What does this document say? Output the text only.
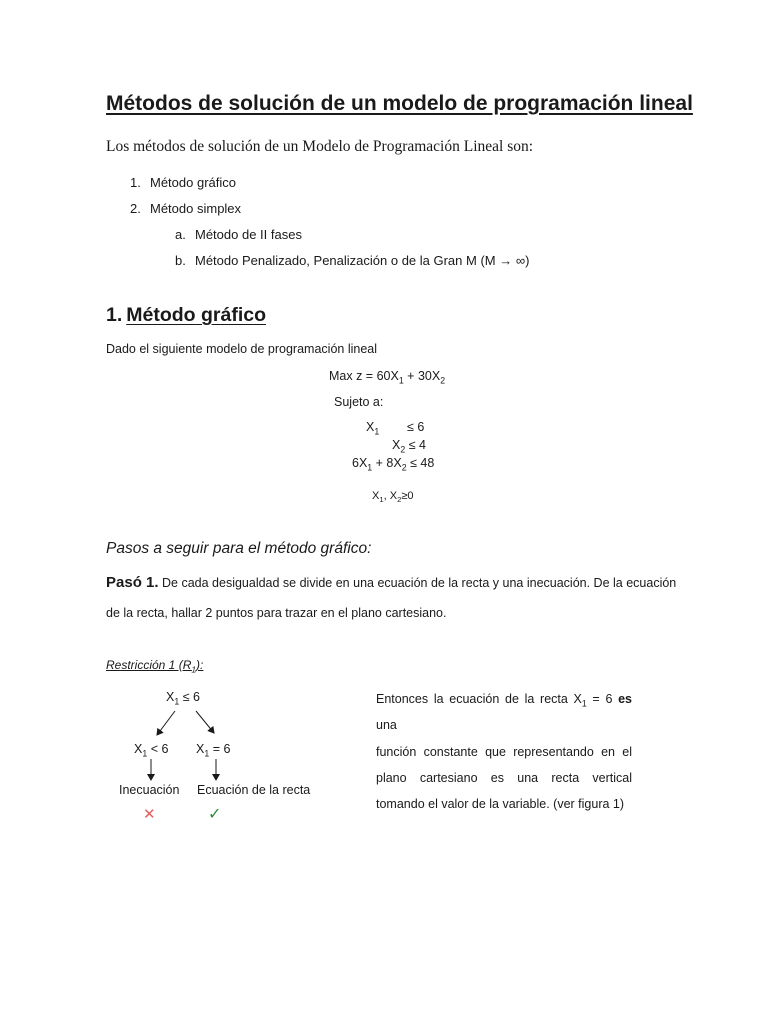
Métodos de solución de un modelo de programación lineal
Los métodos de solución de un Modelo de Programación Lineal son:
1. Método gráfico
2. Método simplex
a. Método de II fases
b. Método Penalizado, Penalización o de la Gran M (M → ∞)
1. Método gráfico
Dado el siguiente modelo de programación lineal
Max $z = 60X_1 + 30X_2$
Sujeto a:
$X_1 \le 6$
$X_2 \le 4$
$6X_1 + 8X_2 \le 48$
$X_1$, $X_2\ge 0$
Pasos a seguir para el método gráfico:
Pasó 1. De cada desigualdad se divide en una ecuación de la recta y una inecuación. De la ecuación
de la recta, hallar 2 puntos para trazar en el plano cartesiano.
Restricción 1 $(R_1)$:
$X_1 \le 6$
$X_1 < 6$ $X_1 = 6$
Inecuación Ecuación de la recta
✕	✓
Entonces la ecuación de la recta $X_1 = 6$ es una
función constante que representando en el
plano cartesiano es una recta vertical
tomando el valor de la variable. (ver figura 1)
